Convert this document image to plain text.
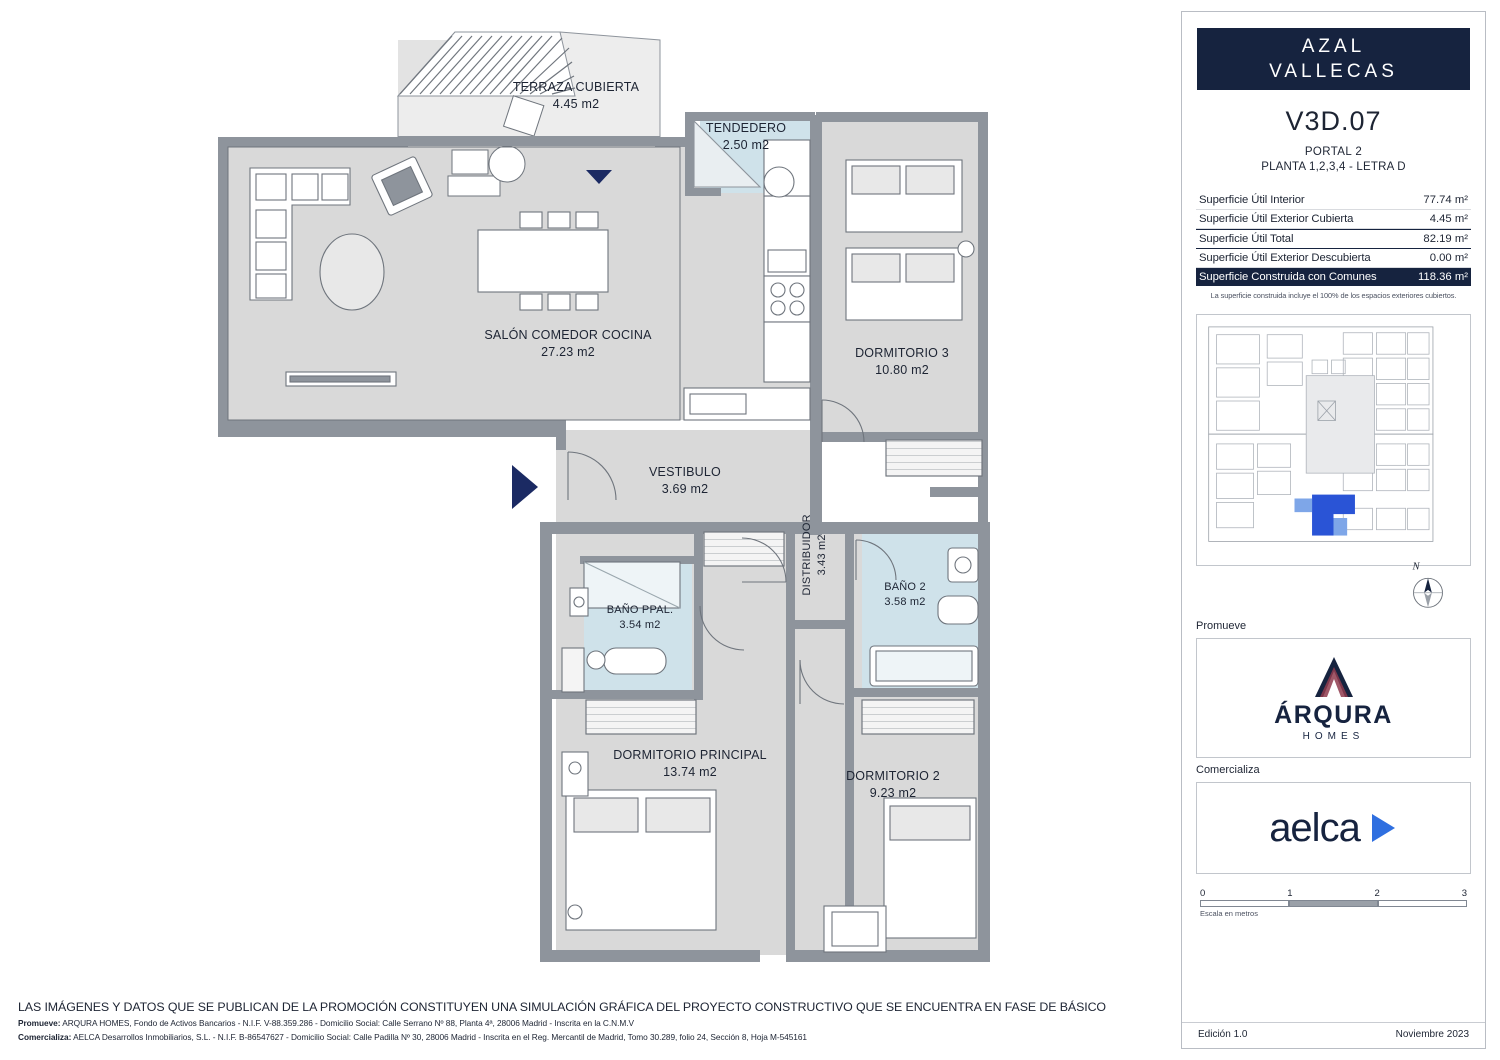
TERRAZA CUBIERTA
4.45 m2
TENDEDERO
2.50 m2
SALÓN COMEDOR COCINA
27.23 m2	DORMITORIO 3
10.80 m2
VESTIBULO
3.69 m2
DISTRIBUIDOR 3.43 m2
BAÑO 2
3.58 m2
BAÑO PPAL.
3.54 m2
DORMITORIO PRINCIPAL
13.74 m2	DORMITORIO 2
9.23 m2
LAS IMÁGENES Y DATOS QUE SE PUBLICAN DE LA PROMOCIÓN CONSTITUYEN UNA SIMULACIÓN GRÁFICA DEL PROYECTO CONSTRUCTIVO QUE SE ENCUENTRA EN FASE DE BÁSICO
Promueve: ARQURA HOMES, Fondo de Activos Bancarios - N.I.F. V-88.359.286 - Domicilio Social: Calle Serrano Nº 88, Planta 4ª, 28006 Madrid - Inscrita en la C.N.M.V
Comercializa: AELCA Desarrollos Inmobiliarios, S.L. - N.I.F. B-86547627 - Domicilio Social: Calle Padilla Nº 30, 28006 Madrid - Inscrita en el Reg. Mercantil de Madrid, Tomo 30.289, folio 24, Sección 8, Hoja M-545161
AZAL
VALLECAS
V3D.07
PORTAL 2
PLANTA 1,2,3,4 - LETRA D
Superficie Útil Interior	77.74 m²
Superficie Útil Exterior Cubierta	4.45 m²
Superficie Útil Total	82.19 m²
Superficie Útil Exterior Descubierta	0.00 m²
Superficie Construida con Comunes	118.36 m²
La superficie construida incluye el 100% de los espacios exteriores cubiertos.
N
Promueve
ÁRQURA
HOMES
Comercializa
aelca
0	1	2	3
Escala en metros
Edición 1.0	Noviembre 2023
